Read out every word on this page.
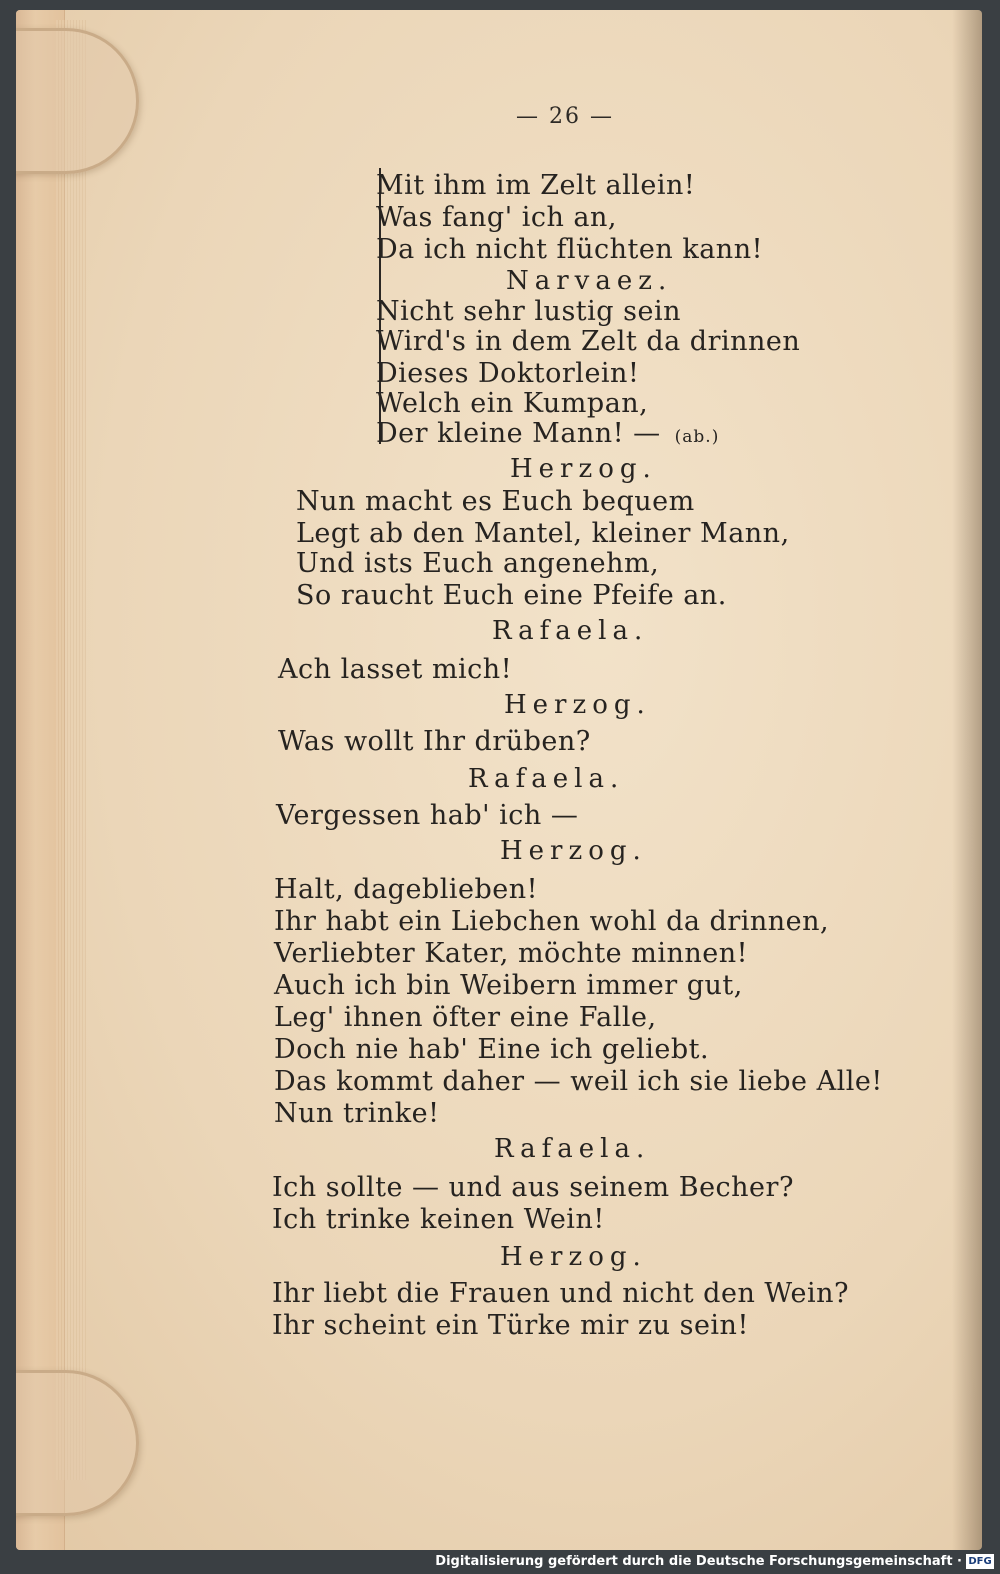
— 26 —
Mit ihm im Zelt allein!
Was fang' ich an,
Da ich nicht flüchten kann!
Narvaez.
Nicht sehr lustig sein
Wird's in dem Zelt da drinnen
Dieses Doktorlein!
Welch ein Kumpan,
Der kleine Mann! — (ab.)
Herzog.
Nun macht es Euch bequem
Legt ab den Mantel, kleiner Mann,
Und ists Euch angenehm,
So raucht Euch eine Pfeife an.
Rafaela.
Ach lasset mich!
Herzog.
Was wollt Ihr drüben?
Rafaela.
Vergessen hab' ich —
Herzog.
Halt, dageblieben!
Ihr habt ein Liebchen wohl da drinnen,
Verliebter Kater, möchte minnen!
Auch ich bin Weibern immer gut,
Leg' ihnen öfter eine Falle,
Doch nie hab' Eine ich geliebt.
Das kommt daher — weil ich sie liebe Alle!
Nun trinke!
Rafaela.
Ich sollte — und aus seinem Becher?
Ich trinke keinen Wein!
Herzog.
Ihr liebt die Frauen und nicht den Wein?
Ihr scheint ein Türke mir zu sein!
Digitalisierung gefördert durch die Deutsche Forschungsgemeinschaft · DFG
